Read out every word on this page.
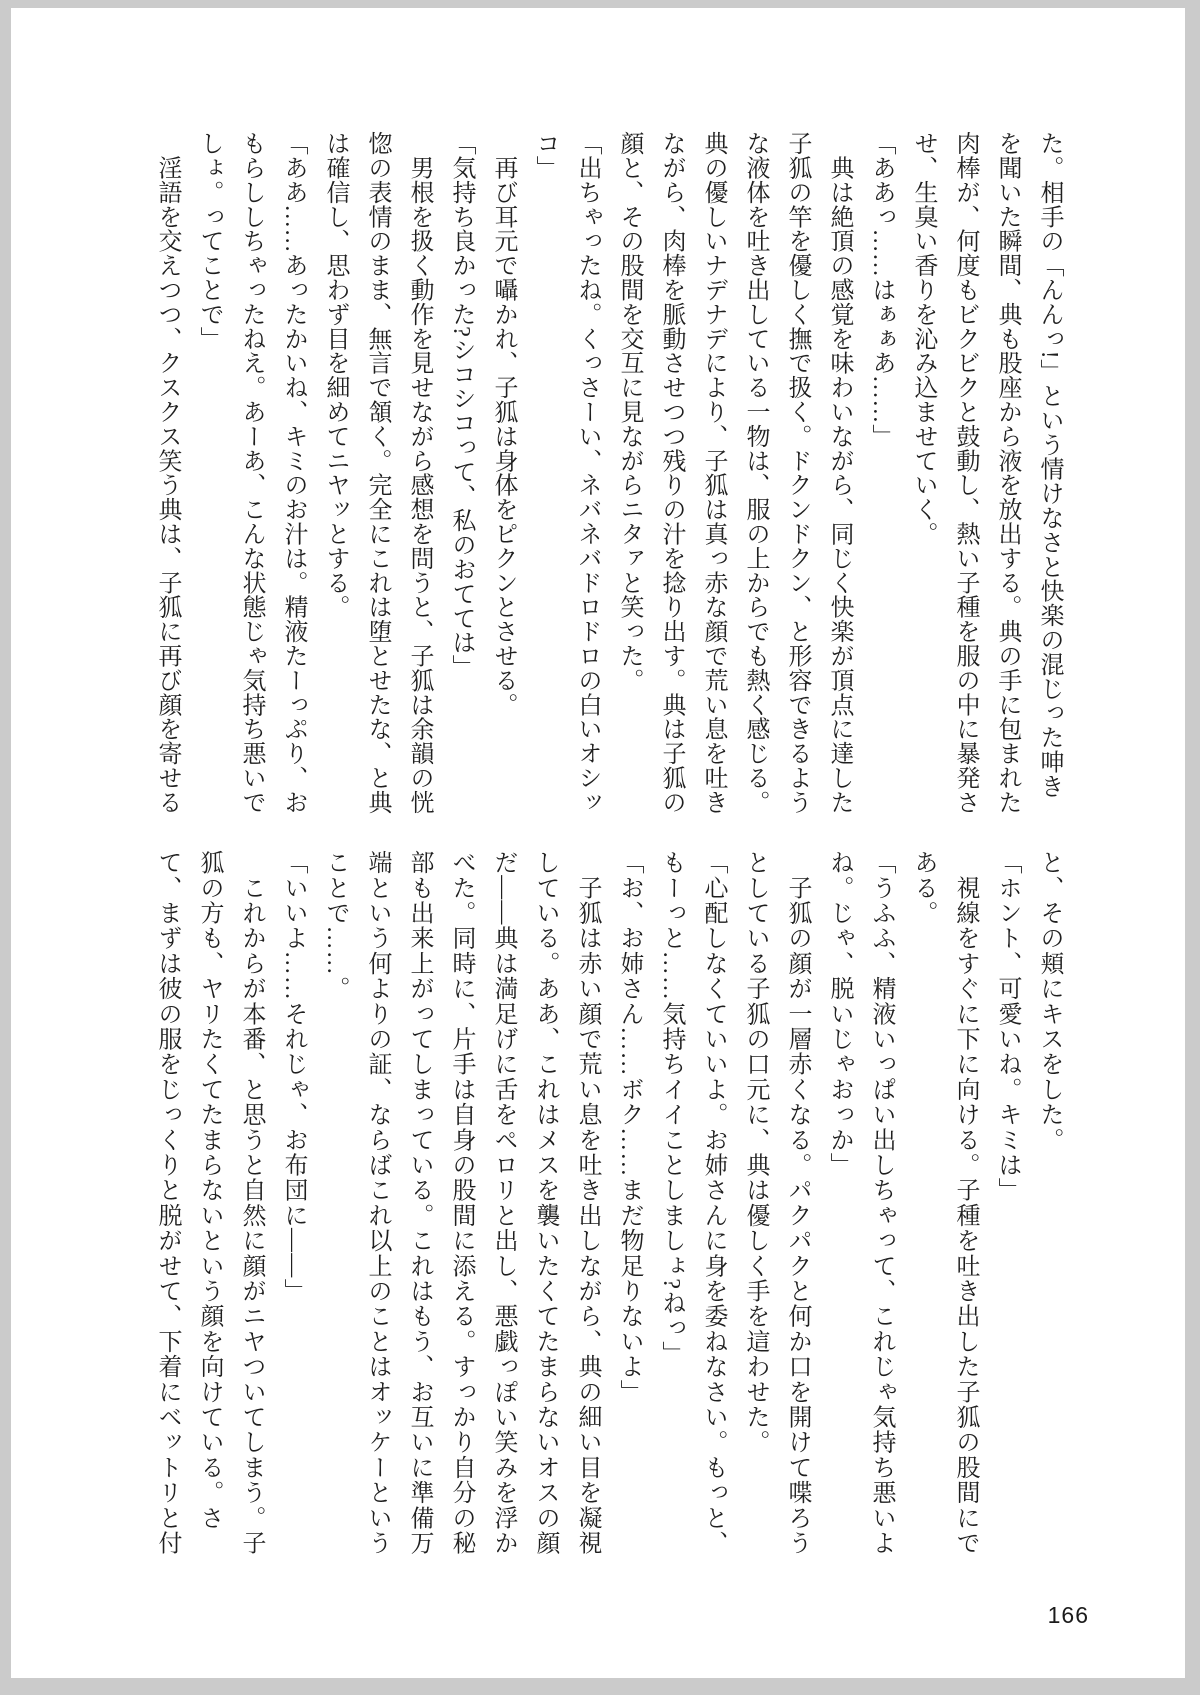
た。相手の「んんっ!」という情けなさと快楽の混じった呻き

を聞いた瞬間、典も股座から液を放出する。典の手に包まれた

肉棒が、何度もビクビクと鼓動し、熱い子種を服の中に暴発さ

せ、生臭い香りを沁み込ませていく。

「ああっ……はぁぁあ……」

　典は絶頂の感覚を味わいながら、同じく快楽が頂点に達した

子狐の竿を優しく撫で扱く。ドクンドクン、と形容できるよう

な液体を吐き出している一物は、服の上からでも熱く感じる。

典の優しいナデナデにより、子狐は真っ赤な顔で荒い息を吐き

ながら、肉棒を脈動させつつ残りの汁を捻り出す。典は子狐の

顔と、その股間を交互に見ながらニタァと笑った。

「出ちゃったね。くっさーい、ネバネバドロドロの白いオシッ

コ」

　再び耳元で囁かれ、子狐は身体をピクンとさせる。

「気持ち良かった?シコシコって、私のおてては」

　男根を扱く動作を見せながら感想を問うと、子狐は余韻の恍

惚の表情のまま、無言で頷く。完全にこれは堕とせたな、と典

は確信し、思わず目を細めてニヤッとする。

「ああ……あったかいね、キミのお汁は。精液たーっぷり、お

もらししちゃったねえ。あーあ、こんな状態じゃ気持ち悪いで

しょ。ってことで」

　淫語を交えつつ、クスクス笑う典は、子狐に再び顔を寄せる

と、その頬にキスをした。

「ホント、可愛いね。キミは」

　視線をすぐに下に向ける。子種を吐き出した子狐の股間にで

ある。

「うふふ、精液いっぱい出しちゃって、これじゃ気持ち悪いよ

ね。じゃ、脱いじゃおっか」

　子狐の顔が一層赤くなる。パクパクと何か口を開けて喋ろう

としている子狐の口元に、典は優しく手を這わせた。

「心配しなくていいよ。お姉さんに身を委ねなさい。もっと、

もーっと……気持ちイイことしましょ?ねっ」

「お、お姉さん……ボク……まだ物足りないよ」

　子狐は赤い顔で荒い息を吐き出しながら、典の細い目を凝視

している。ああ、これはメスを襲いたくてたまらないオスの顔

だ――典は満足げに舌をペロリと出し、悪戯っぽい笑みを浮か

べた。同時に、片手は自身の股間に添える。すっかり自分の秘

部も出来上がってしまっている。これはもう、お互いに準備万

端という何よりの証、ならばこれ以上のことはオッケーという

ことで……。

「いいよ……それじゃ、お布団に――」

　これからが本番、と思うと自然に顔がニヤついてしまう。子

狐の方も、ヤリたくてたまらないという顔を向けている。さ

て、まずは彼の服をじっくりと脱がせて、下着にベットリと付

166
